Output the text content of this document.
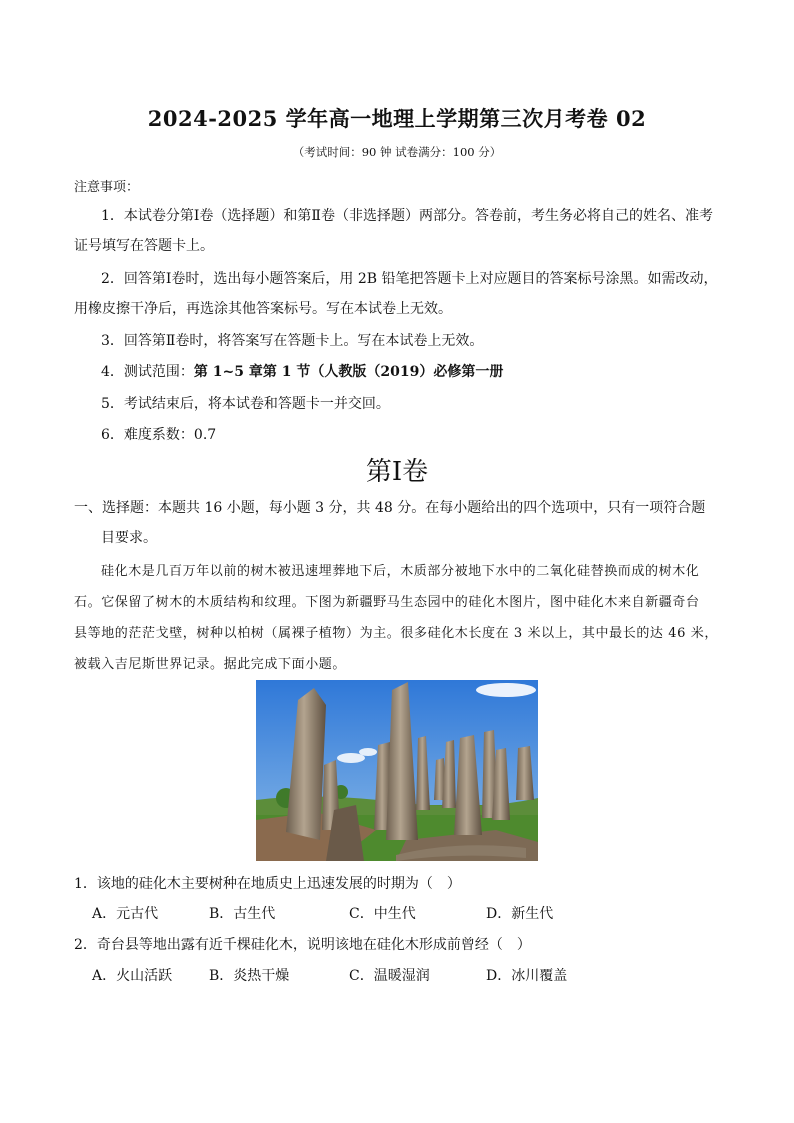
2024-2025 学年高一地理上学期第三次月考卷 02
（考试时间：90 钟 试卷满分：100 分）
注意事项：
1．本试卷分第Ⅰ卷（选择题）和第Ⅱ卷（非选择题）两部分。答卷前，考生务必将自己的姓名、准考
证号填写在答题卡上。
2．回答第Ⅰ卷时，选出每小题答案后，用 2B 铅笔把答题卡上对应题目的答案标号涂黑。如需改动，
用橡皮擦干净后，再选涂其他答案标号。写在本试卷上无效。
3．回答第Ⅱ卷时，将答案写在答题卡上。写在本试卷上无效。
4．测试范围：第 1~5 章第 1 节（人教版（2019）必修第一册
5．考试结束后，将本试卷和答题卡一并交回。
6．难度系数：0.7
第Ⅰ卷
一、选择题：本题共 16 小题，每小题 3 分，共 48 分。在每小题给出的四个选项中，只有一项符合题
目要求。
硅化木是几百万年以前的树木被迅速埋葬地下后，木质部分被地下水中的二氧化硅替换而成的树木化
石。它保留了树木的木质结构和纹理。下图为新疆野马生态园中的硅化木图片，图中硅化木来自新疆奇台
县等地的茫茫戈壁，树种以柏树（属裸子植物）为主。很多硅化木长度在 3 米以上，其中最长的达 46 米，
被载入吉尼斯世界记录。据此完成下面小题。
1．该地的硅化木主要树种在地质史上迅速发展的时期为（　）
A．元古代	B．古生代	C．中生代	D．新生代
2．奇台县等地出露有近千棵硅化木，说明该地在硅化木形成前曾经（　）
A．火山活跃	B．炎热干燥	C．温暖湿润	D．冰川覆盖
